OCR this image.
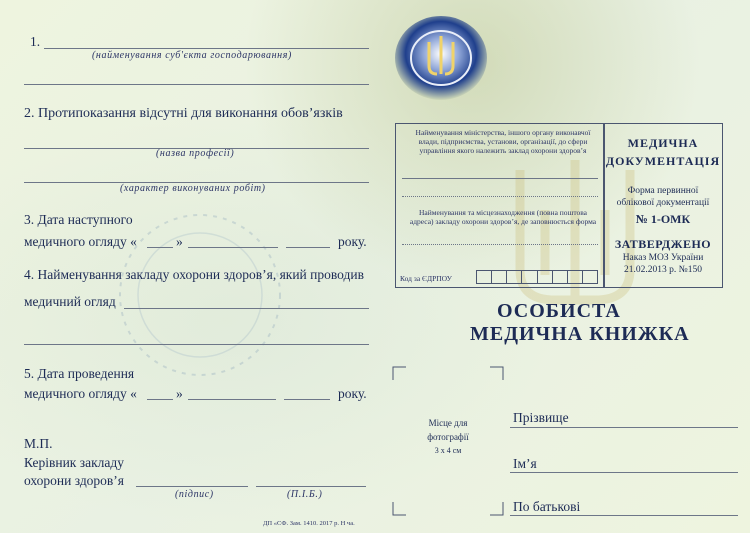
1.
(найменування суб'єкта господарювання)
2. Протипоказання відсутні для виконання обов’язків
(назва професії)
(характер виконуваних робіт)
3. Дата наступного
медичного огляду «	»	року.
4. Найменування закладу охорони здоров’я, який проводив
медичний огляд
5. Дата проведення
медичного огляду «	»	року.
М.П.
Керівник закладу
охорони здоров’я
(підпис)	(П.І.Б.)
ДП «СФ. Зам. 1410. 2017 р. Н ча.
Найменування міністерства, іншого органу виконавчої влади, підприємства, установи, організації, до сфери управління якого належить заклад охорони здоров’я
Найменування та місцезнаходження (повна поштова адреса) закладу охорони здоров’я, де заповнюється форма
Код за ЄДРПОУ
МЕДИЧНА
ДОКУМЕНТАЦІЯ
Форма первинної
облікової документації
№ 1-ОМК
ЗАТВЕРДЖЕНО
Наказ МОЗ України
21.02.2013 р. №150
ОСОБИСТА
МЕДИЧНА КНИЖКА
Місце для
фотографії
3 х 4 см
Прізвище
Ім’я
По батькові
